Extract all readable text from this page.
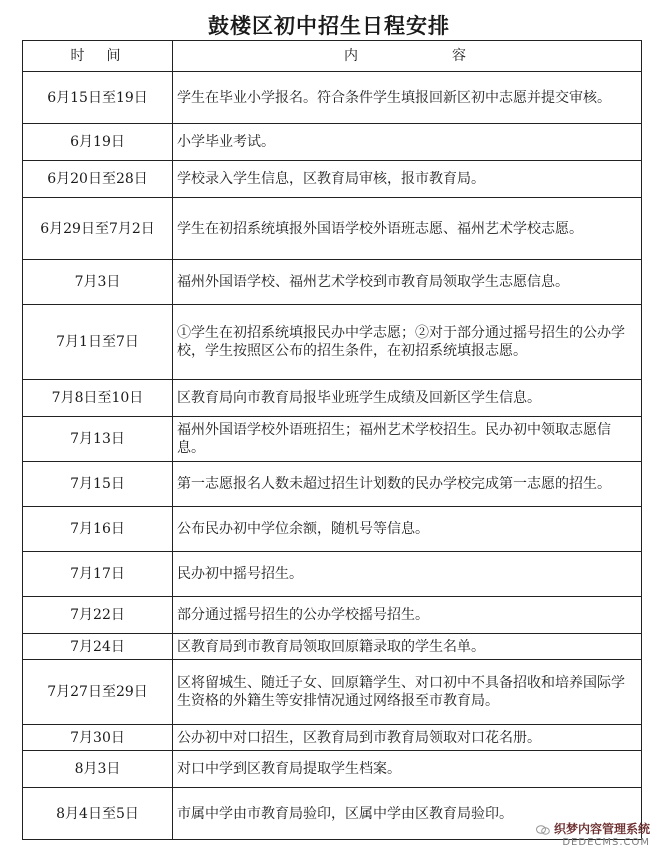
鼓楼区初中招生日程安排
时　间	内　　　　　容
6月15日至19日	学生在毕业小学报名。符合条件学生填报回新区初中志愿并提交审核。
6月19日	小学毕业考试。
6月20日至28日	学校录入学生信息，区教育局审核，报市教育局。
6月29日至7月2日	学生在初招系统填报外国语学校外语班志愿、福州艺术学校志愿。
7月3日	福州外国语学校、福州艺术学校到市教育局领取学生志愿信息。
7月1日至7日	①学生在初招系统填报民办中学志愿；②对于部分通过摇号招生的公办学校，学生按照区公布的招生条件，在初招系统填报志愿。
7月8日至10日	区教育局向市教育局报毕业班学生成绩及回新区学生信息。
7月13日	福州外国语学校外语班招生；福州艺术学校招生。民办初中领取志愿信息。
7月15日	第一志愿报名人数未超过招生计划数的民办学校完成第一志愿的招生。
7月16日	公布民办初中学位余额，随机号等信息。
7月17日	民办初中摇号招生。
7月22日	部分通过摇号招生的公办学校摇号招生。
7月24日	区教育局到市教育局领取回原籍录取的学生名单。
7月27日至29日	区将留城生、随迁子女、回原籍学生、对口初中不具备招收和培养国际学生资格的外籍生等安排情况通过网络报至市教育局。
7月30日	公办初中对口招生，区教育局到市教育局领取对口花名册。
8月3日	对口中学到区教育局提取学生档案。
8月4日至5日	市属中学由市教育局验印，区属中学由区教育局验印。
织梦内容管理系统
DEDECMS.COM
